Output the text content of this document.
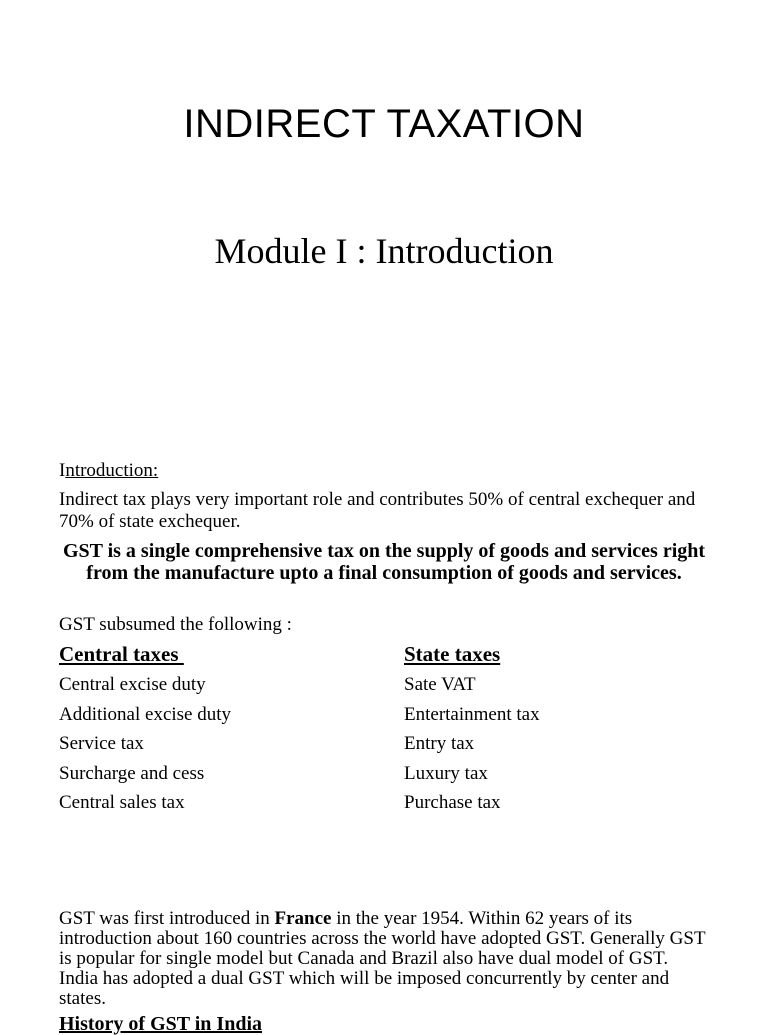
INDIRECT TAXATION
Module I : Introduction
Introduction:
Indirect tax plays very important role and contributes 50% of central exchequer and 70% of state exchequer.
GST is a single comprehensive tax on the supply of goods and services right from the manufacture upto a final consumption of goods and services.
GST subsumed the following :
Central taxes
Central excise duty
Additional excise duty
Service tax
Surcharge and cess
Central sales tax
State taxes
Sate VAT
Entertainment tax
Entry tax
Luxury tax
Purchase tax
GST was first introduced in France in the year 1954. Within 62 years of its introduction about 160 countries across the world have adopted GST. Generally GST is popular for single model but Canada and Brazil also have dual model of GST. India has adopted a dual GST which will be imposed concurrently by center and states.
History of GST in India
